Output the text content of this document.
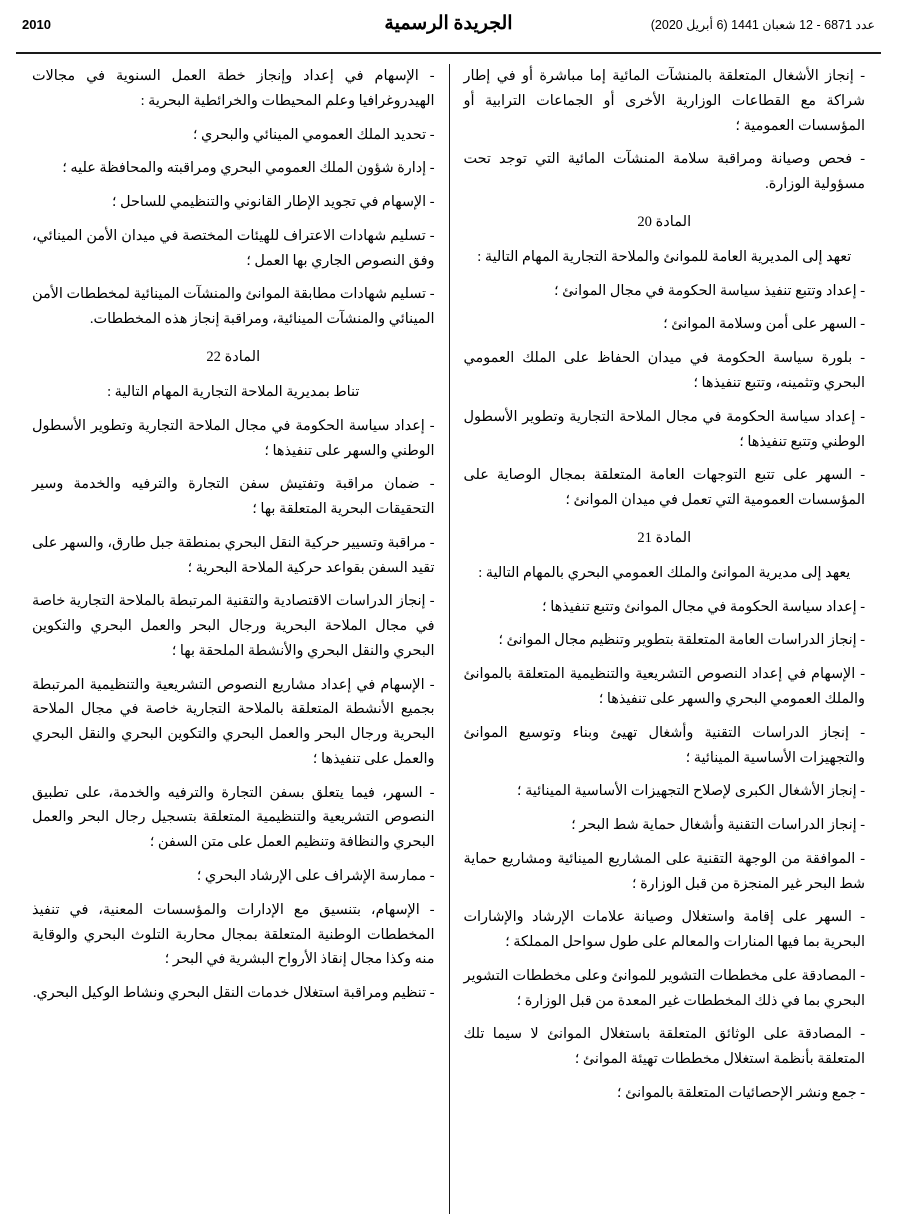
عدد 6871 - 12 شعبان 1441 (6 أبريل 2020)
الجريدة الرسمية
2010

- إنجاز الأشغال المتعلقة بالمنشآت المائية إما مباشرة أو في إطار شراكة مع القطاعات الوزارية الأخرى أو الجماعات الترابية أو المؤسسات العمومية ؛

- فحص وصيانة ومراقبة سلامة المنشآت المائية التي توجد تحت مسؤولية الوزارة.

المادة 20

تعهد إلى المديرية العامة للموانئ والملاحة التجارية المهام التالية :

- إعداد وتتبع تنفيذ سياسة الحكومة في مجال الموانئ ؛

- السهر على أمن وسلامة الموانئ ؛

- بلورة سياسة الحكومة في ميدان الحفاظ على الملك العمومي البحري وتثمينه، وتتبع تنفيذها ؛

- إعداد سياسة الحكومة في مجال الملاحة التجارية وتطوير الأسطول الوطني وتتبع تنفيذها ؛

- السهر على تتبع التوجهات العامة المتعلقة بمجال الوصاية على المؤسسات العمومية التي تعمل في ميدان الموانئ ؛

المادة 21

يعهد إلى مديرية الموانئ والملك العمومي البحري بالمهام التالية :

- إعداد سياسة الحكومة في مجال الموانئ وتتبع تنفيذها ؛

- إنجاز الدراسات العامة المتعلقة بتطوير وتنظيم مجال الموانئ ؛

- الإسهام في إعداد النصوص التشريعية والتنظيمية المتعلقة بالموانئ والملك العمومي البحري والسهر على تنفيذها ؛

- إنجاز الدراسات التقنية وأشغال تهيئ وبناء وتوسيع الموانئ والتجهيزات الأساسية المينائية ؛

- إنجاز الأشغال الكبرى لإصلاح التجهيزات الأساسية المينائية ؛

- إنجاز الدراسات التقنية وأشغال حماية شط البحر ؛

- الموافقة من الوجهة التقنية على المشاريع المينائية ومشاريع حماية شط البحر غير المنجزة من قبل الوزارة ؛

- السهر على إقامة واستغلال وصيانة علامات الإرشاد والإشارات البحرية بما فيها المنارات والمعالم على طول سواحل المملكة ؛

- المصادقة على مخططات التشوير للموانئ وعلى مخططات التشوير البحري بما في ذلك المخططات غير المعدة من قبل الوزارة ؛

- المصادقة على الوثائق المتعلقة باستغلال الموانئ لا سيما تلك المتعلقة بأنظمة استغلال مخططات تهيئة الموانئ ؛

- جمع ونشر الإحصائيات المتعلقة بالموانئ ؛

- الإسهام في إعداد وإنجاز خطة العمل السنوية في مجالات الهيدروغرافيا وعلم المحيطات والخرائطية البحرية :

- تحديد الملك العمومي المينائي والبحري ؛

- إدارة شؤون الملك العمومي البحري ومراقبته والمحافظة عليه ؛

- الإسهام في تجويد الإطار القانوني والتنظيمي للساحل ؛

- تسليم شهادات الاعتراف للهيئات المختصة في ميدان الأمن المينائي، وفق النصوص الجاري بها العمل ؛

- تسليم شهادات مطابقة الموانئ والمنشآت المينائية لمخططات الأمن المينائي والمنشآت المينائية، ومراقبة إنجاز هذه المخططات.

المادة 22

تناط بمديرية الملاحة التجارية المهام التالية :

- إعداد سياسة الحكومة في مجال الملاحة التجارية وتطوير الأسطول الوطني والسهر على تنفيذها ؛

- ضمان مراقبة وتفتيش سفن التجارة والترفيه والخدمة وسير التحقيقات البحرية المتعلقة بها ؛

- مراقبة وتسيير حركية النقل البحري بمنطقة جبل طارق، والسهر على تقيد السفن بقواعد حركية الملاحة البحرية ؛

- إنجاز الدراسات الاقتصادية والتقنية المرتبطة بالملاحة التجارية خاصة في مجال الملاحة البحرية ورجال البحر والعمل البحري والتكوين البحري والنقل البحري والأنشطة الملحقة بها ؛

- الإسهام في إعداد مشاريع النصوص التشريعية والتنظيمية المرتبطة بجميع الأنشطة المتعلقة بالملاحة التجارية خاصة في مجال الملاحة البحرية ورجال البحر والعمل البحري والتكوين البحري والنقل البحري والعمل على تنفيذها ؛

- السهر، فيما يتعلق بسفن التجارة والترفيه والخدمة، على تطبيق النصوص التشريعية والتنظيمية المتعلقة بتسجيل رجال البحر والعمل البحري والنظافة وتنظيم العمل على متن السفن ؛

- ممارسة الإشراف على الإرشاد البحري ؛

- الإسهام، بتنسيق مع الإدارات والمؤسسات المعنية، في تنفيذ المخططات الوطنية المتعلقة بمجال محاربة التلوث البحري والوقاية منه وكذا مجال إنقاذ الأرواح البشرية في البحر ؛

- تنظيم ومراقبة استغلال خدمات النقل البحري ونشاط الوكيل البحري.
